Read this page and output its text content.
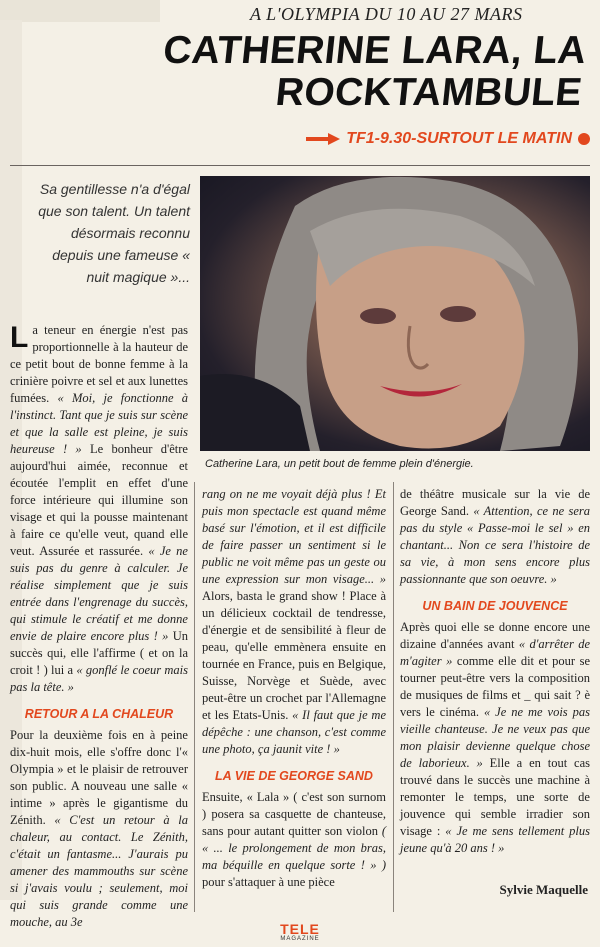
A L'OLYMPIA DU 10 AU 27 MARS
CATHERINE LARA, LA ROCKTAMBULE
TF1-9.30-SURTOUT LE MATIN

Sa gentillesse n'a d'égal que son talent. Un talent désormais reconnu depuis une fameuse « nuit magique »...

Catherine Lara, un petit bout de femme plein d'énergie.

La teneur en énergie n'est pas proportionnelle à la hauteur de ce petit bout de bonne femme à la crinière poivre et sel et aux lunettes fumées. « Moi, je fonctionne à l'instinct. Tant que je suis sur scène et que la salle est pleine, je suis heureuse ! » Le bonheur d'être aujourd'hui aimée, reconnue et écoutée l'emplit en effet d'une force intérieure qui illumine son visage et qui la pousse maintenant à faire ce qu'elle veut, quand elle veut. Assurée et rassurée. « Je ne suis pas du genre à calculer. Je réalise simplement que je suis entrée dans l'engrenage du succès, qui stimule le créatif et me donne envie de plaire encore plus ! » Un succès qui, elle l'affirme ( et on la croit ! ) lui a « gonflé le coeur mais pas la tête. »

RETOUR A LA CHALEUR

Pour la deuxième fois en à peine dix-huit mois, elle s'offre donc l'« Olympia » et le plaisir de retrouver son public. A nouveau une salle « intime » après le gigantisme du Zénith. « C'est un retour à la chaleur, au contact. Le Zénith, c'était un fantasme... J'aurais pu amener des mammouths sur scène si j'avais voulu ; seulement, moi qui suis grande comme une mouche, au 3e

rang on ne me voyait déjà plus ! Et puis mon spectacle est quand même basé sur l'émotion, et il est difficile de faire passer un sentiment si le public ne voit même pas un geste ou une expression sur mon visage... » Alors, basta le grand show ! Place à un délicieux cocktail de tendresse, d'énergie et de sensibilité à fleur de peau, qu'elle emmènera ensuite en tournée en France, puis en Belgique, Suisse, Norvège et Suède, avec peut-être un crochet par l'Allemagne et les Etats-Unis. « Il faut que je me dépêche : une chanson, c'est comme une photo, ça jaunit vite ! »

LA VIE DE GEORGE SAND

Ensuite, « Lala » ( c'est son surnom ) posera sa casquette de chanteuse, sans pour autant quitter son violon ( « ... le prolongement de mon bras, ma béquille en quelque sorte ! » ) pour s'attaquer à une pièce

de théâtre musicale sur la vie de George Sand. « Attention, ce ne sera pas du style « Passe-moi le sel » en chantant... Non ce sera l'histoire de sa vie, à mon sens encore plus passionnante que son oeuvre. »

UN BAIN DE JOUVENCE

Après quoi elle se donne encore une dizaine d'années avant « d'arrêter de m'agiter » comme elle dit et pour se tourner peut-être vers la composition de musiques de films et _ qui sait ? è vers le cinéma. « Je ne me vois pas vieille chanteuse. Je ne veux pas que mon plaisir devienne quelque chose de laborieux. » Elle a en tout cas trouvé dans le succès une machine à remonter le temps, une sorte de jouvence qui semble irradier son visage : « Je me sens tellement plus jeune qu'à 20 ans ! »

Sylvie Maquelle
TELE
MAGAZINE
